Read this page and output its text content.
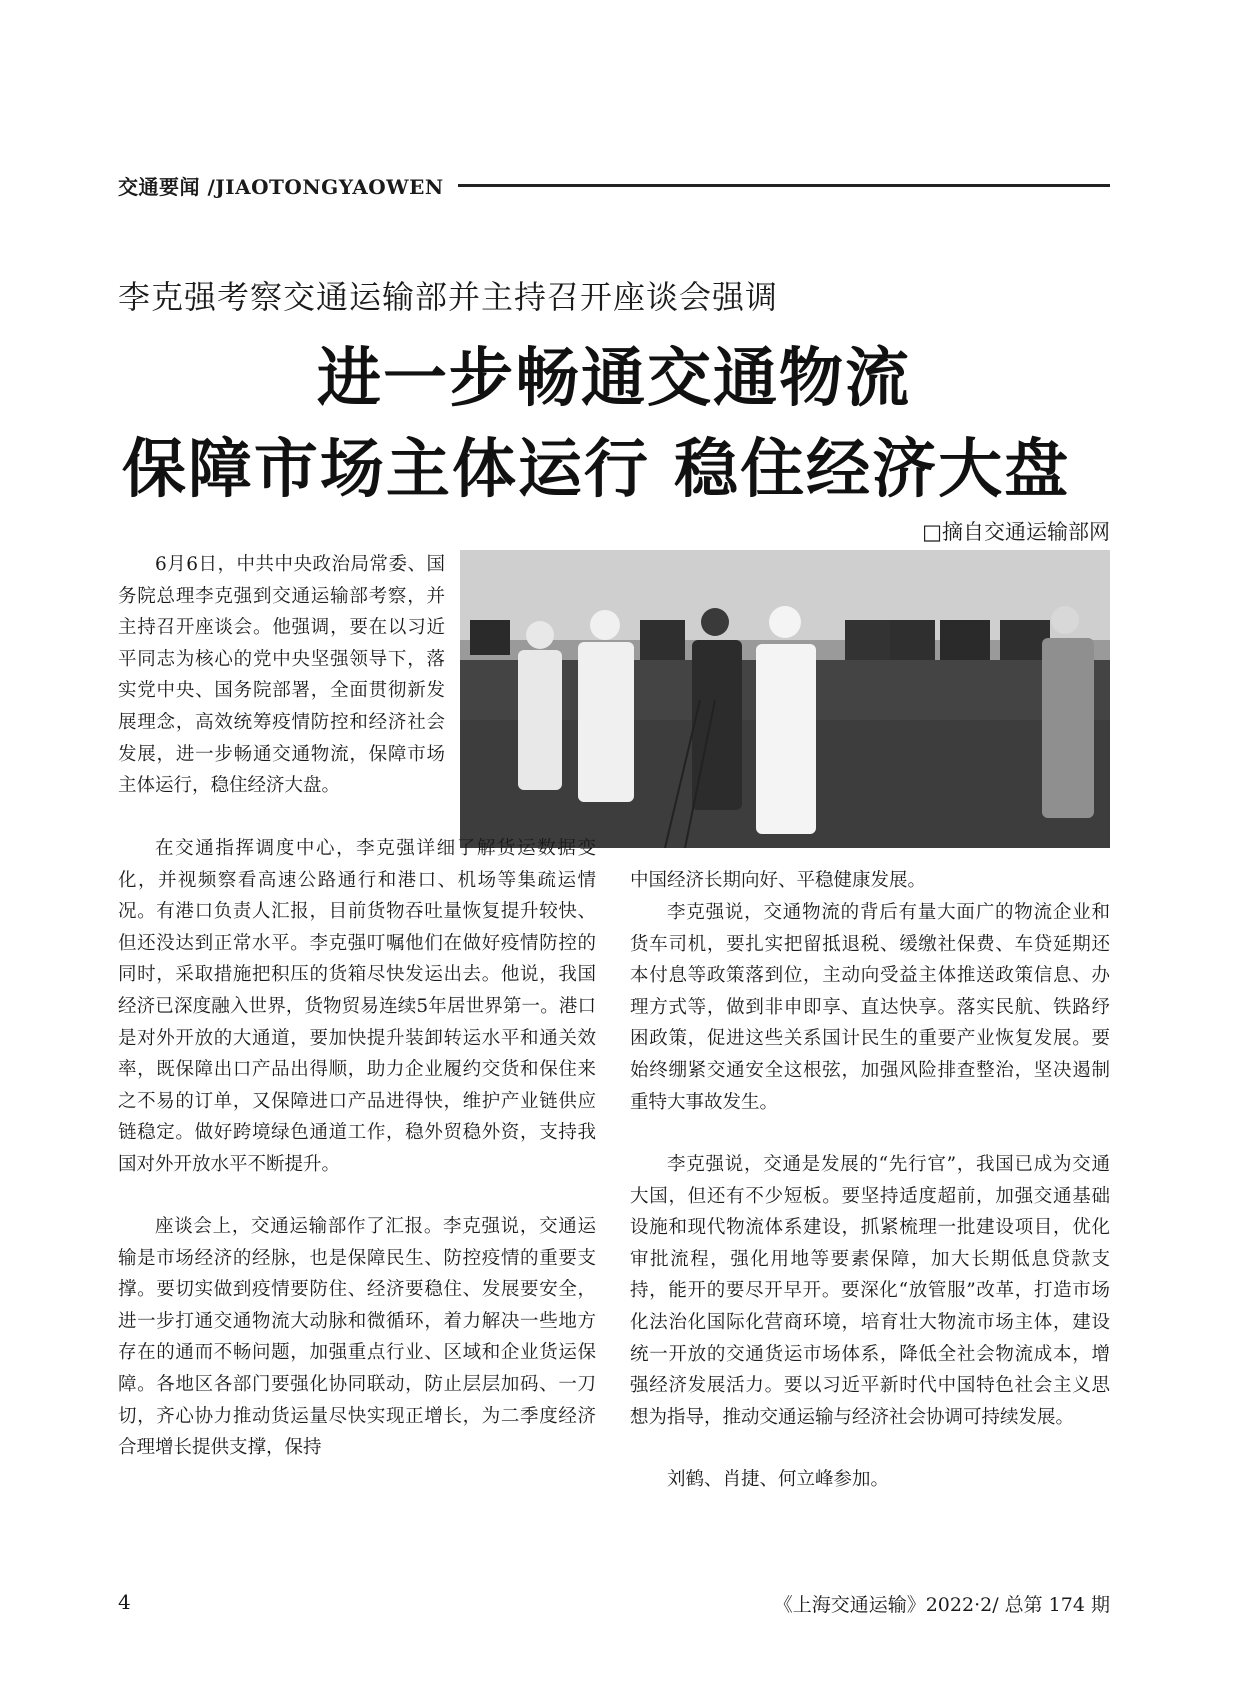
交通要闻 /JIAOTONGYAOWEN
李克强考察交通运输部并主持召开座谈会强调
进一步畅通交通物流
保障市场主体运行 稳住经济大盘
□摘自交通运输部网

6月6日，中共中央政治局常委、国务院总理李克强到交通运输部考察，并主持召开座谈会。他强调，要在以习近平同志为核心的党中央坚强领导下，落实党中央、国务院部署，全面贯彻新发展理念，高效统筹疫情防控和经济社会发展，进一步畅通交通物流，保障市场主体运行，稳住经济大盘。

在交通指挥调度中心，李克强详细了解货运数据变化，并视频察看高速公路通行和港口、机场等集疏运情况。有港口负责人汇报，目前货物吞吐量恢复提升较快、但还没达到正常水平。李克强叮嘱他们在做好疫情防控的同时，采取措施把积压的货箱尽快发运出去。他说，我国经济已深度融入世界，货物贸易连续5年居世界第一。港口是对外开放的大通道，要加快提升装卸转运水平和通关效率，既保障出口产品出得顺，助力企业履约交货和保住来之不易的订单，又保障进口产品进得快，维护产业链供应链稳定。做好跨境绿色通道工作，稳外贸稳外资，支持我国对外开放水平不断提升。

座谈会上，交通运输部作了汇报。李克强说，交通运输是市场经济的经脉，也是保障民生、防控疫情的重要支撑。要切实做到疫情要防住、经济要稳住、发展要安全，进一步打通交通物流大动脉和微循环，着力解决一些地方存在的通而不畅问题，加强重点行业、区域和企业货运保障。各地区各部门要强化协同联动，防止层层加码、一刀切，齐心协力推动货运量尽快实现正增长，为二季度经济合理增长提供支撑，保持

中国经济长期向好、平稳健康发展。

李克强说，交通物流的背后有量大面广的物流企业和货车司机，要扎实把留抵退税、缓缴社保费、车贷延期还本付息等政策落到位，主动向受益主体推送政策信息、办理方式等，做到非申即享、直达快享。落实民航、铁路纾困政策，促进这些关系国计民生的重要产业恢复发展。要始终绷紧交通安全这根弦，加强风险排查整治，坚决遏制重特大事故发生。

李克强说，交通是发展的“先行官”，我国已成为交通大国，但还有不少短板。要坚持适度超前，加强交通基础设施和现代物流体系建设，抓紧梳理一批建设项目，优化审批流程，强化用地等要素保障，加大长期低息贷款支持，能开的要尽开早开。要深化“放管服”改革，打造市场化法治化国际化营商环境，培育壮大物流市场主体，建设统一开放的交通货运市场体系，降低全社会物流成本，增强经济发展活力。要以习近平新时代中国特色社会主义思想为指导，推动交通运输与经济社会协调可持续发展。

刘鹤、肖捷、何立峰参加。

4	《上海交通运输》2022·2/ 总第 174 期
